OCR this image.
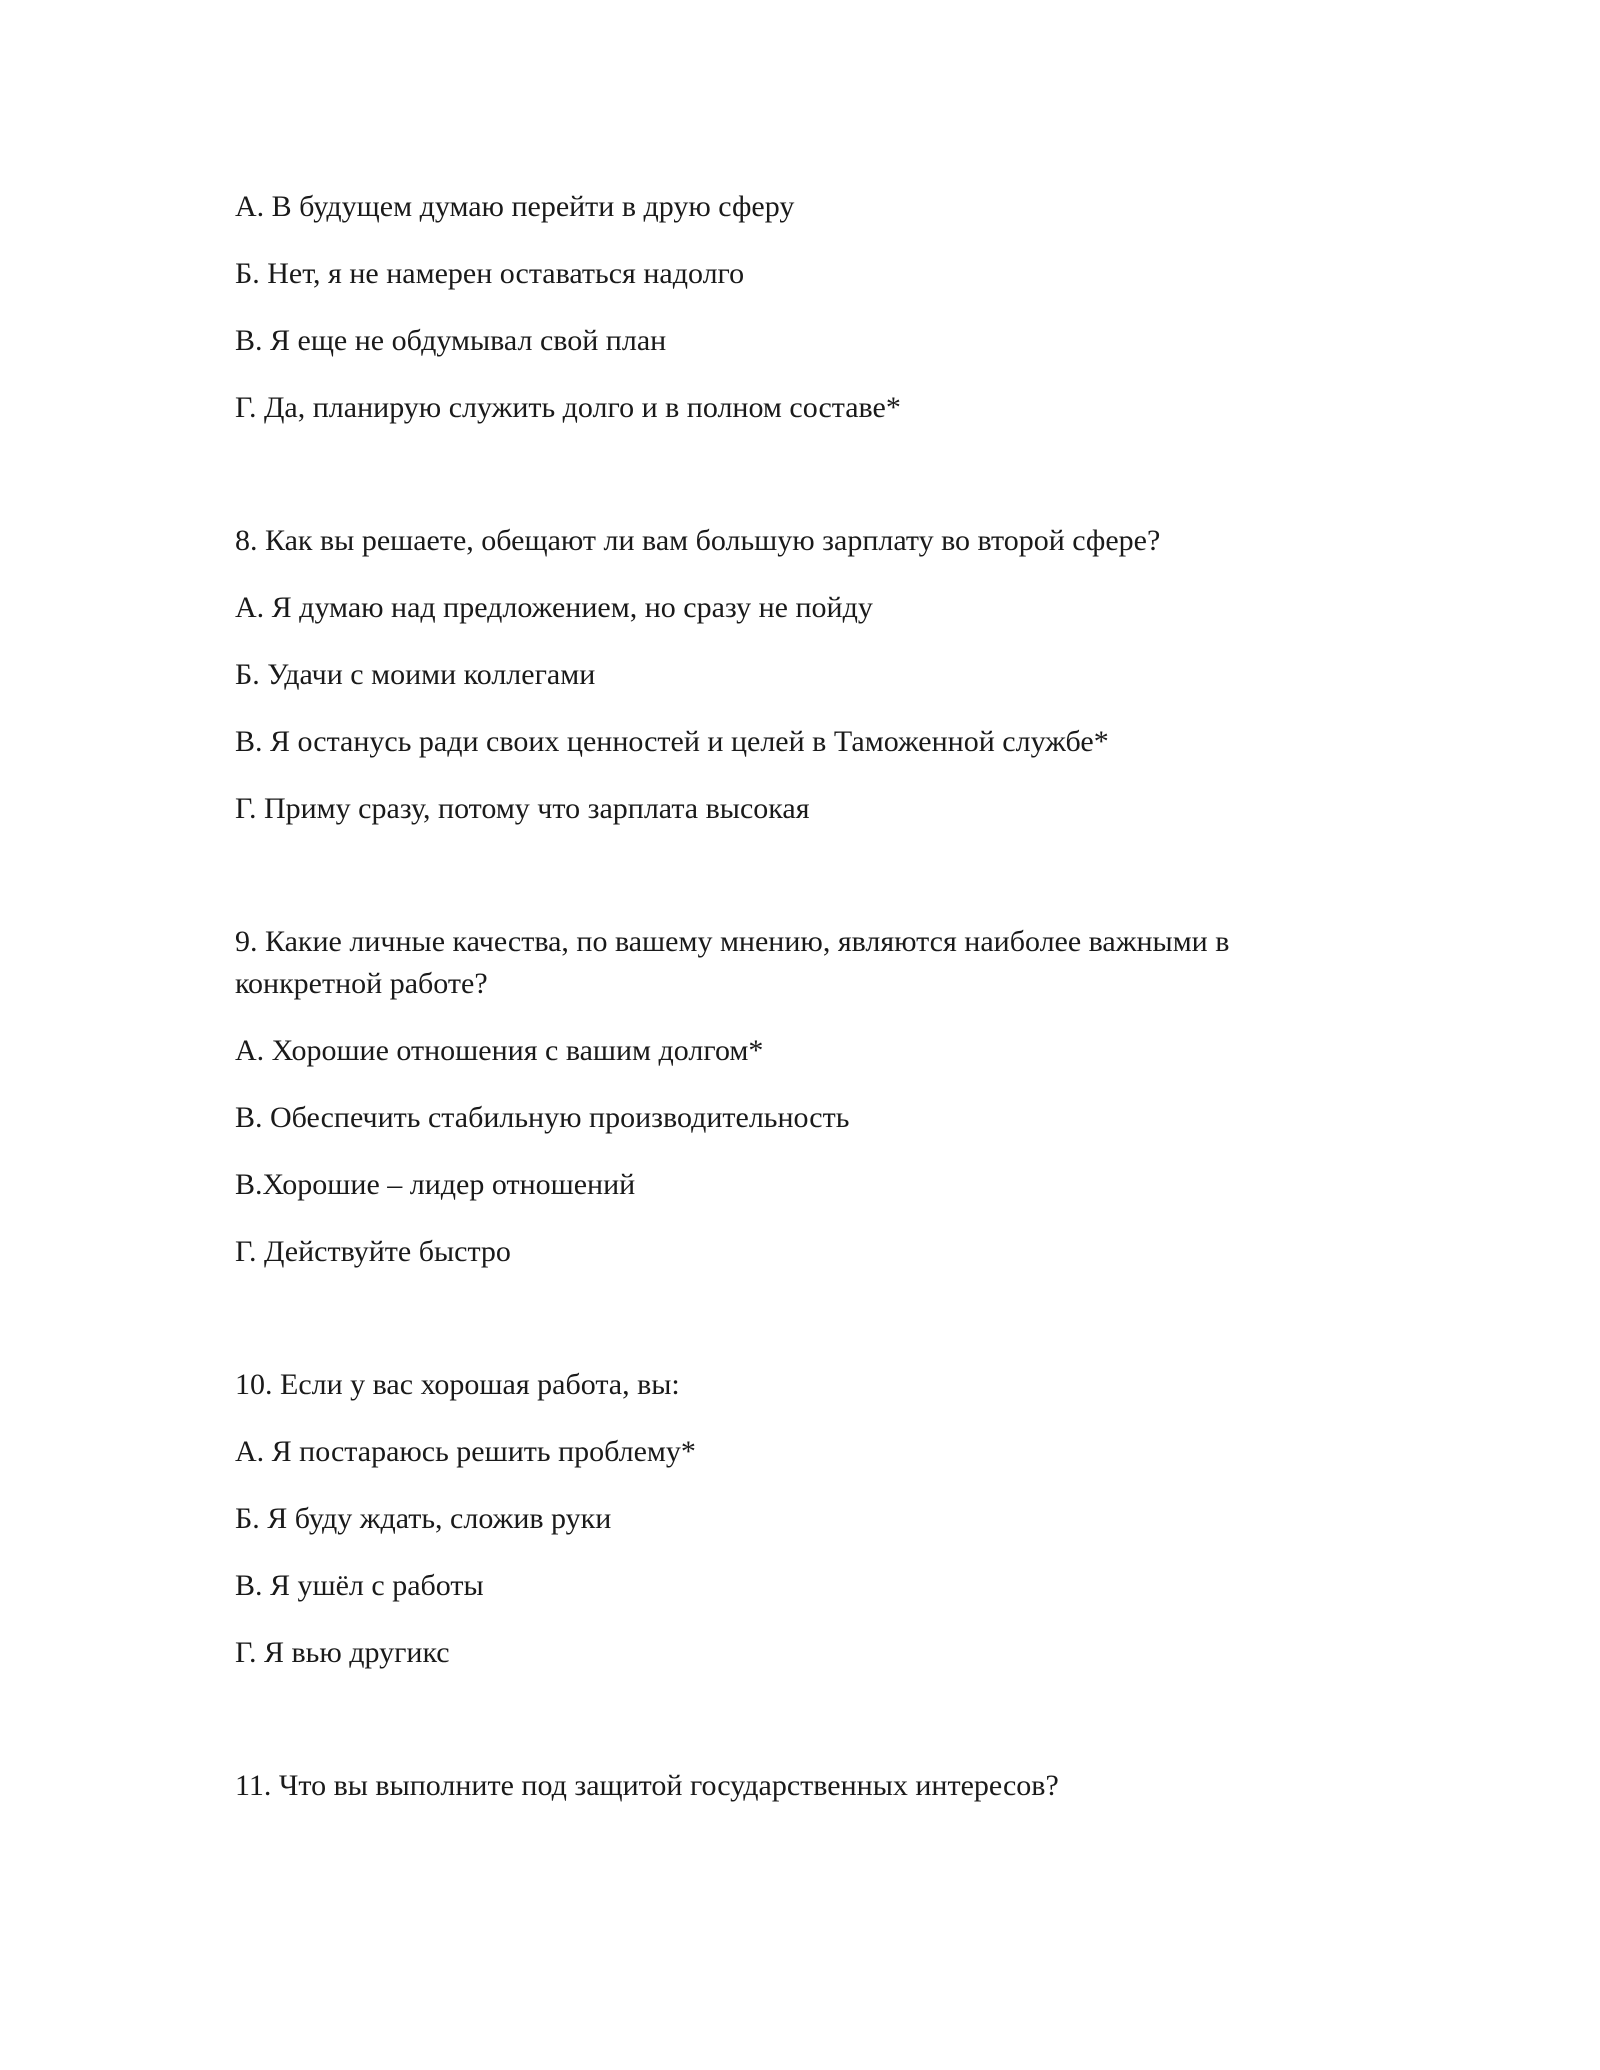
А. В будущем думаю перейти в друю сферу
Б. Нет, я не намерен оставаться надолго
В. Я еще не обдумывал свой план
Г. Да, планирую служить долго и в полном составе*
8. Как вы решаете, обещают ли вам большую зарплату во второй сфере?
А. Я думаю над предложением, но сразу не пойду
Б. Удачи с моими коллегами
В. Я останусь ради своих ценностей и целей в Таможенной службе*
Г. Приму сразу, потому что зарплата высокая
9. Какие личные качества, по вашему мнению, являются наиболее важными в
конкретной работе?
А. Хорошие отношения с вашим долгом*
В. Обеспечить стабильную производительность
В.Хорошие – лидер отношений
Г. Действуйте быстро
10. Если у вас хорошая работа, вы:
А. Я постараюсь решить проблему*
Б. Я буду ждать, сложив руки
В. Я ушёл с работы
Г. Я вью другикс
11. Что вы выполните под защитой государственных интересов?
